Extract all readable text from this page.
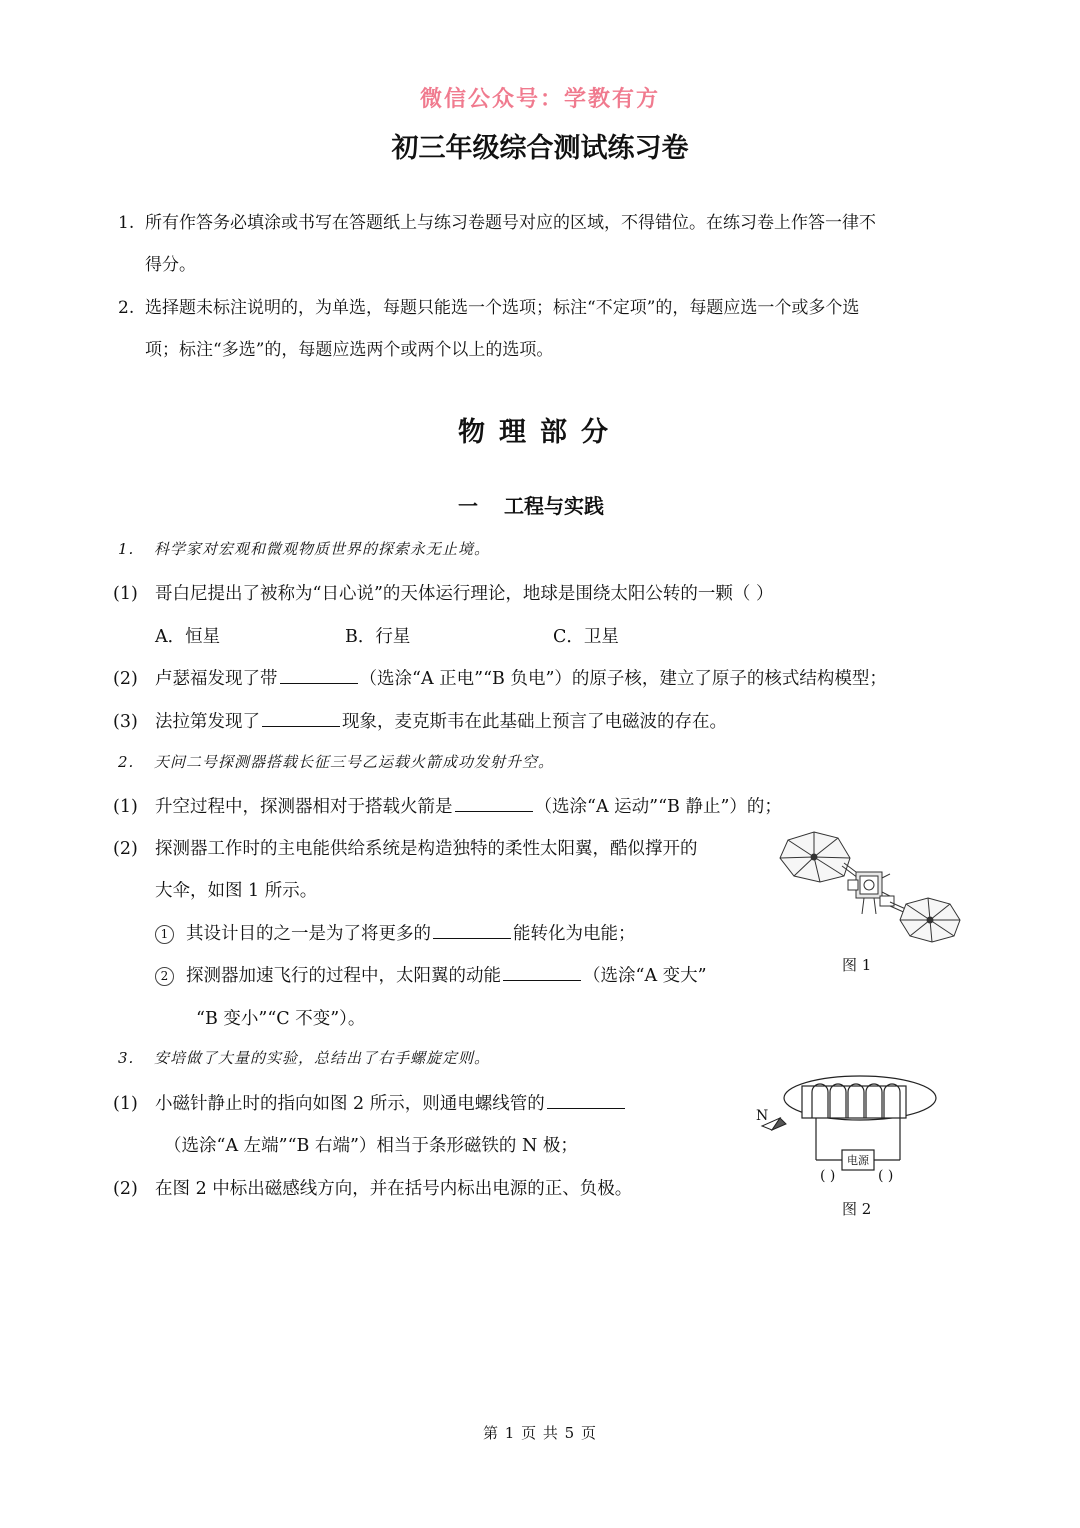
微信公众号：学教有方
初三年级综合测试练习卷
1. 所有作答务必填涂或书写在答题纸上与练习卷题号对应的区域，不得错位。在练习卷上作答一律不
得分。
2. 选择题未标注说明的，为单选，每题只能选一个选项；标注“不定项”的，每题应选一个或多个选
项；标注“多选”的，每题应选两个或两个以上的选项。
物理部分
一 工程与实践
1. 科学家对宏观和微观物质世界的探索永无止境。
(1) 哥白尼提出了被称为“日心说”的天体运行理论，地球是围绕太阳公转的一颗（ ）
A．恒星	B．行星	C．卫星
(2) 卢瑟福发现了带	（选涂“A 正电”“B 负电”）的原子核，建立了原子的核式结构模型；
(3) 法拉第发现了	现象，麦克斯韦在此基础上预言了电磁波的存在。
2. 天问二号探测器搭载长征三号乙运载火箭成功发射升空。
(1) 升空过程中，探测器相对于搭载火箭是	（选涂“A 运动”“B 静止”）的；
(2) 探测器工作时的主电能供给系统是构造独特的柔性太阳翼，酷似撑开的
大伞，如图 1 所示。
1 其设计目的之一是为了将更多的	能转化为电能；
2 探测器加速飞行的过程中，太阳翼的动能	（选涂“A 变大”
“B 变小”“C 不变”）。
图 1
3. 安培做了大量的实验，总结出了右手螺旋定则。
(1) 小磁针静止时的指向如图 2 所示，则通电螺线管的
（选涂“A 左端”“B 右端”）相当于条形磁铁的 N 极；
(2) 在图 2 中标出磁感线方向，并在括号内标出电源的正、负极。
N
电源
( )	( )
图 2
第 1 页 共 5 页
